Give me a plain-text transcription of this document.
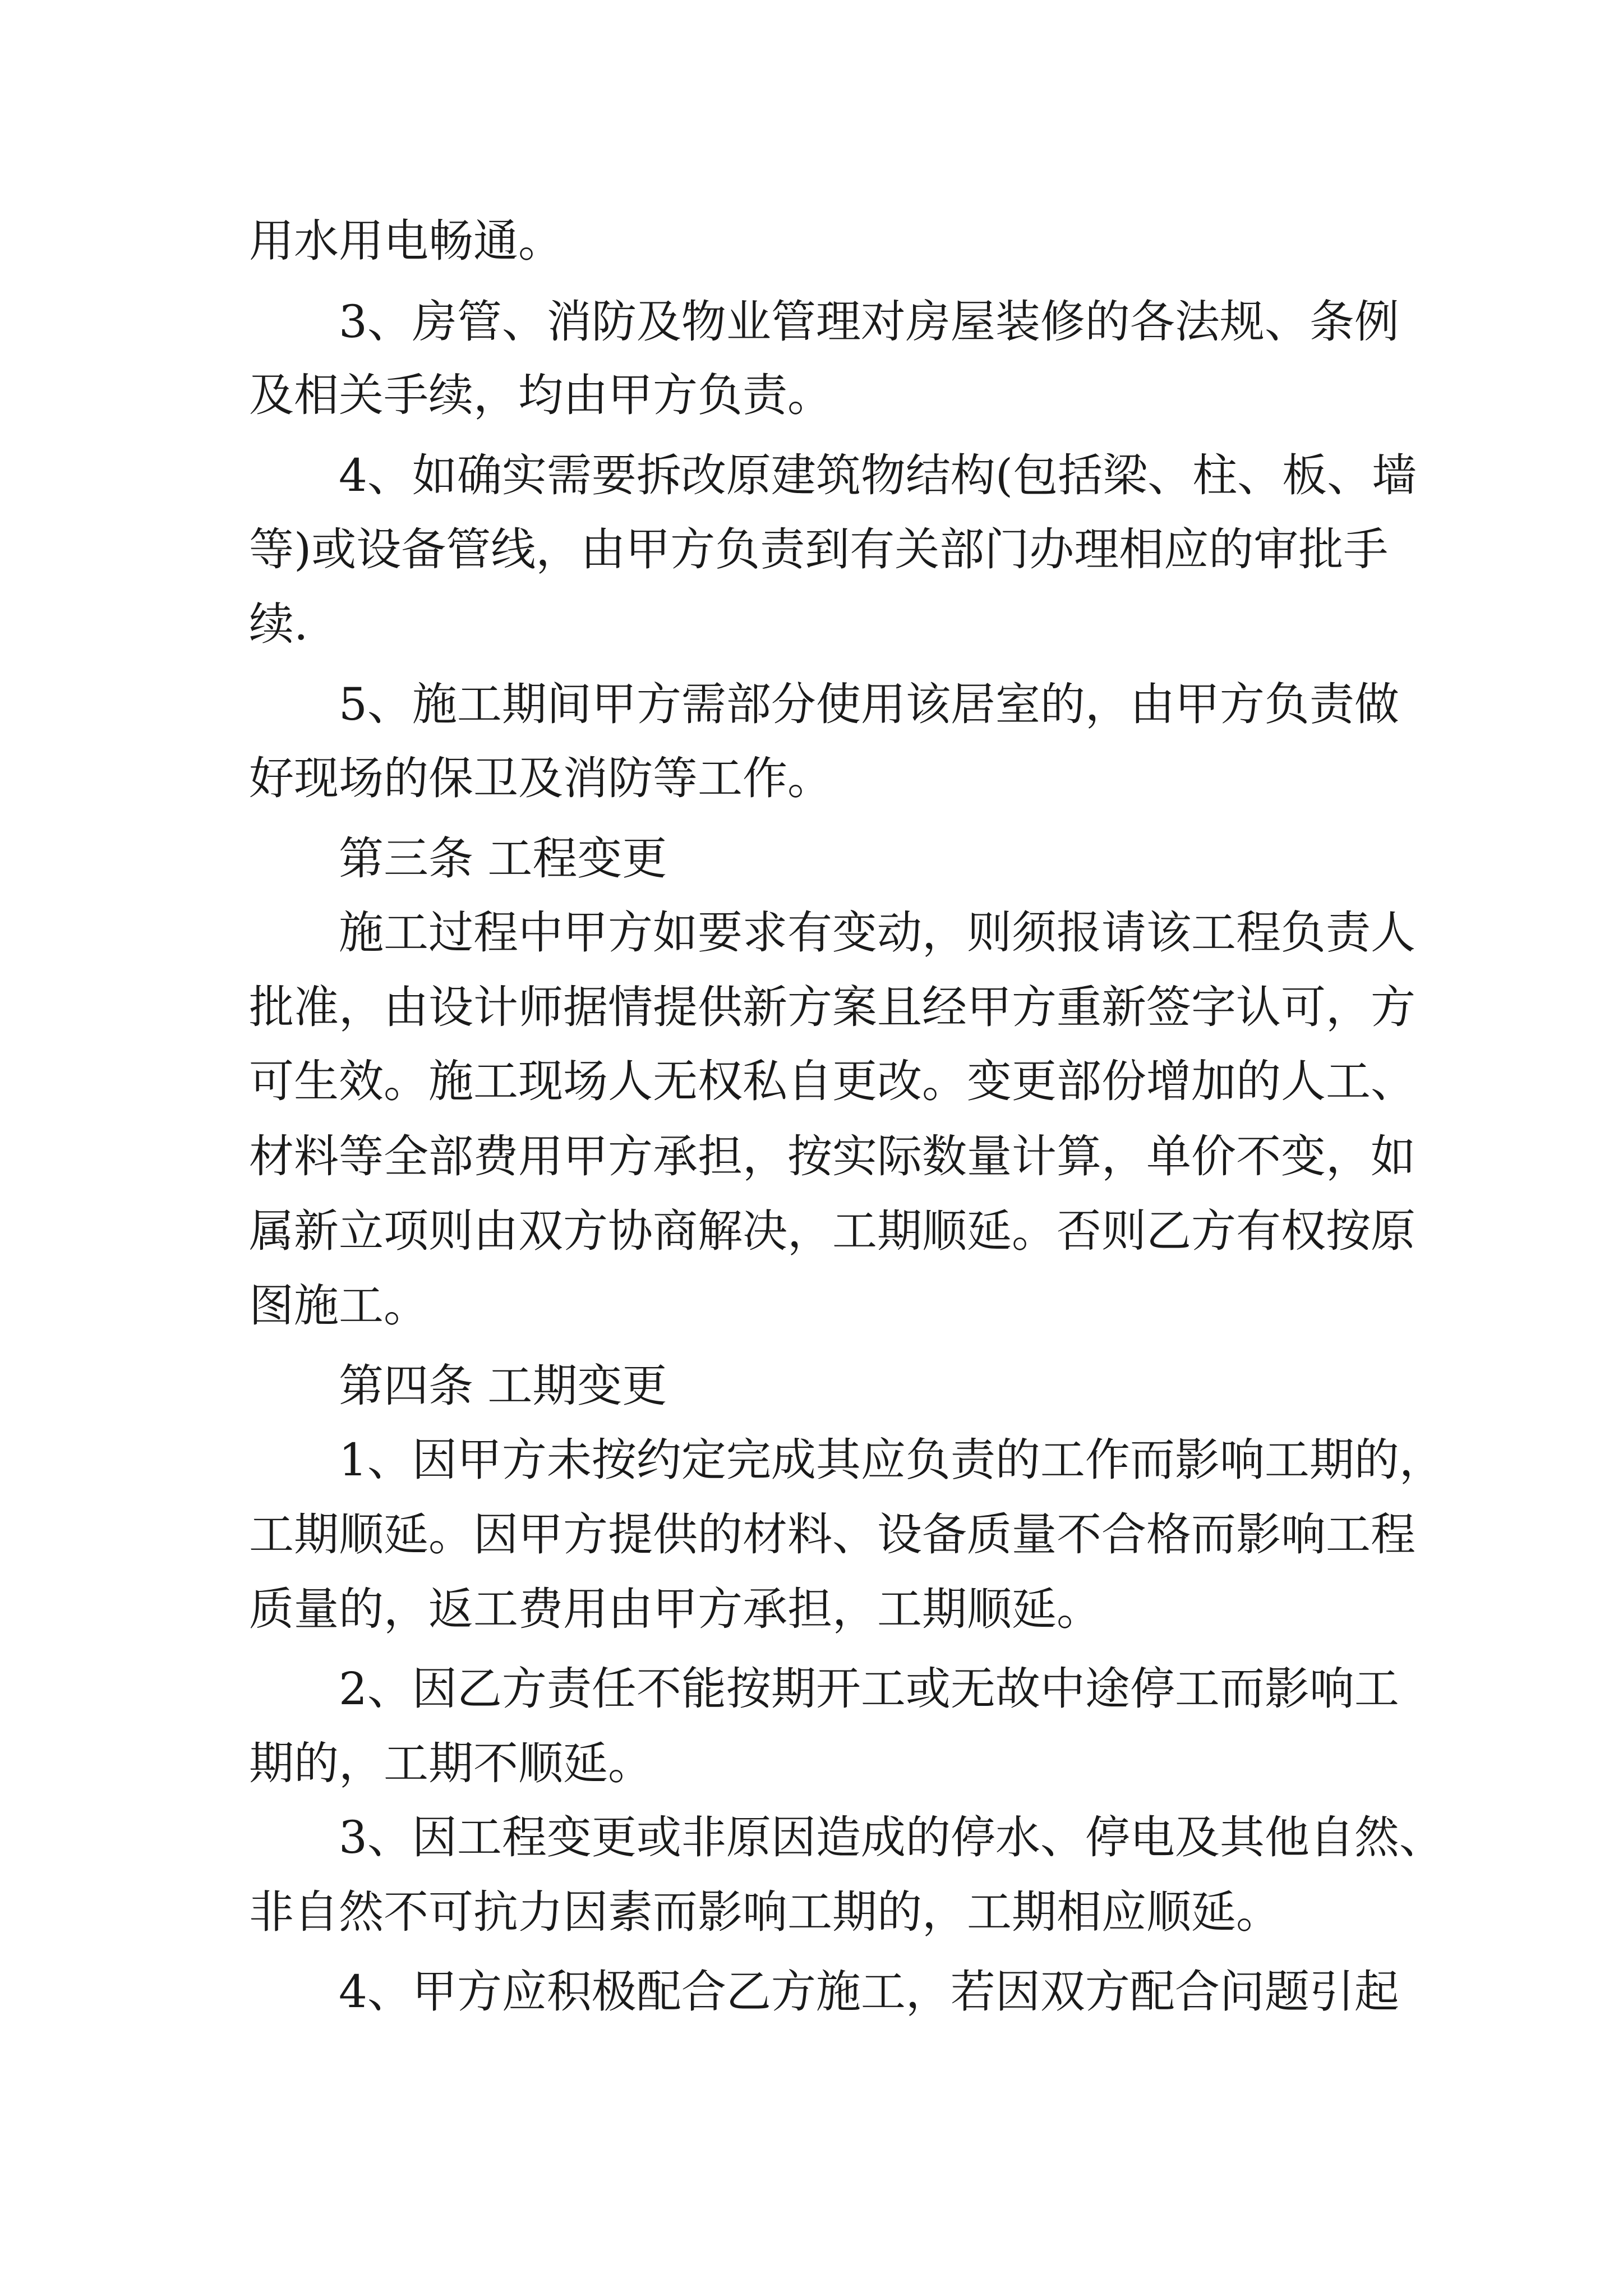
用水用电畅通。
3、房管、消防及物业管理对房屋装修的各法规、条例
及相关手续，均由甲方负责。
4、如确实需要拆改原建筑物结构(包括梁、柱、板、墙
等)或设备管线，由甲方负责到有关部门办理相应的审批手
续.
5、施工期间甲方需部分使用该居室的，由甲方负责做
好现场的保卫及消防等工作。
第三条 工程变更
施工过程中甲方如要求有变动，则须报请该工程负责人
批准，由设计师据情提供新方案且经甲方重新签字认可，方
可生效。施工现场人无权私自更改。变更部份增加的人工、
材料等全部费用甲方承担，按实际数量计算，单价不变，如
属新立项则由双方协商解决，工期顺延。否则乙方有权按原
图施工。
第四条 工期变更
1、因甲方未按约定完成其应负责的工作而影响工期的，
工期顺延。因甲方提供的材料、设备质量不合格而影响工程
质量的，返工费用由甲方承担，工期顺延。
2、因乙方责任不能按期开工或无故中途停工而影响工
期的，工期不顺延。
3、因工程变更或非原因造成的停水、停电及其他自然、
非自然不可抗力因素而影响工期的，工期相应顺延。
4、甲方应积极配合乙方施工，若因双方配合问题引起
